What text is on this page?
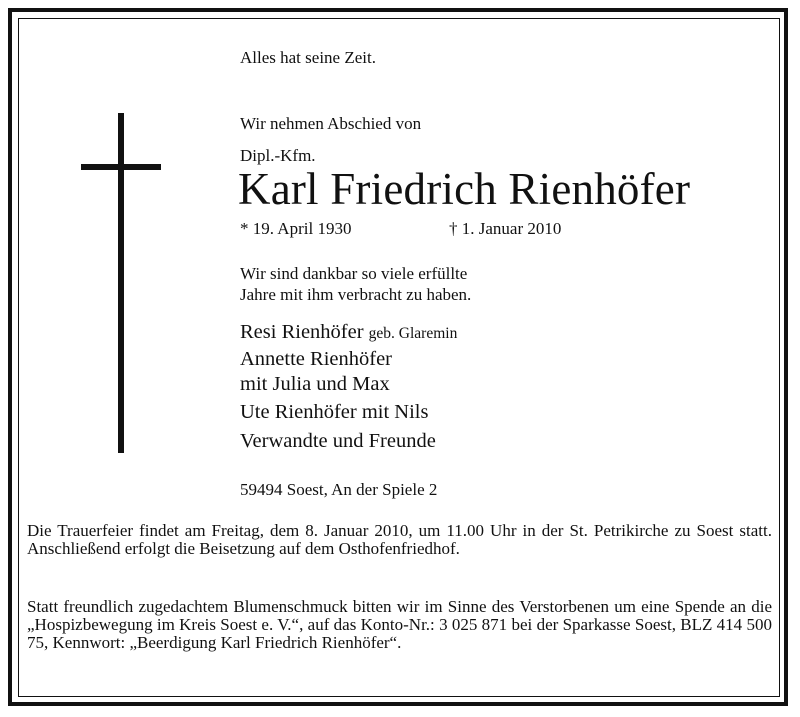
Alles hat seine Zeit.
Wir nehmen Abschied von
Dipl.-Kfm.
Karl Friedrich Rienhöfer
* 19. April 1930	† 1. Januar 2010
Wir sind dankbar so viele erfüllte
Jahre mit ihm verbracht zu haben.
Resi Rienhöfer geb. Glaremin
Annette Rienhöfer
mit Julia und Max
Ute Rienhöfer mit Nils
Verwandte und Freunde
59494 Soest, An der Spiele 2
Die Trauerfeier findet am Freitag, dem 8. Januar 2010, um 11.00 Uhr in der St. Petrikirche zu Soest statt. Anschließend erfolgt die Beisetzung auf dem Osthofenfriedhof.
Statt freundlich zugedachtem Blumenschmuck bitten wir im Sinne des Verstorbenen um eine Spende an die „Hospizbewegung im Kreis Soest e. V.“, auf das Konto-Nr.: 3 025 871 bei der Sparkasse Soest, BLZ 414 500 75, Kennwort: „Beerdigung Karl Friedrich Rienhöfer“.
